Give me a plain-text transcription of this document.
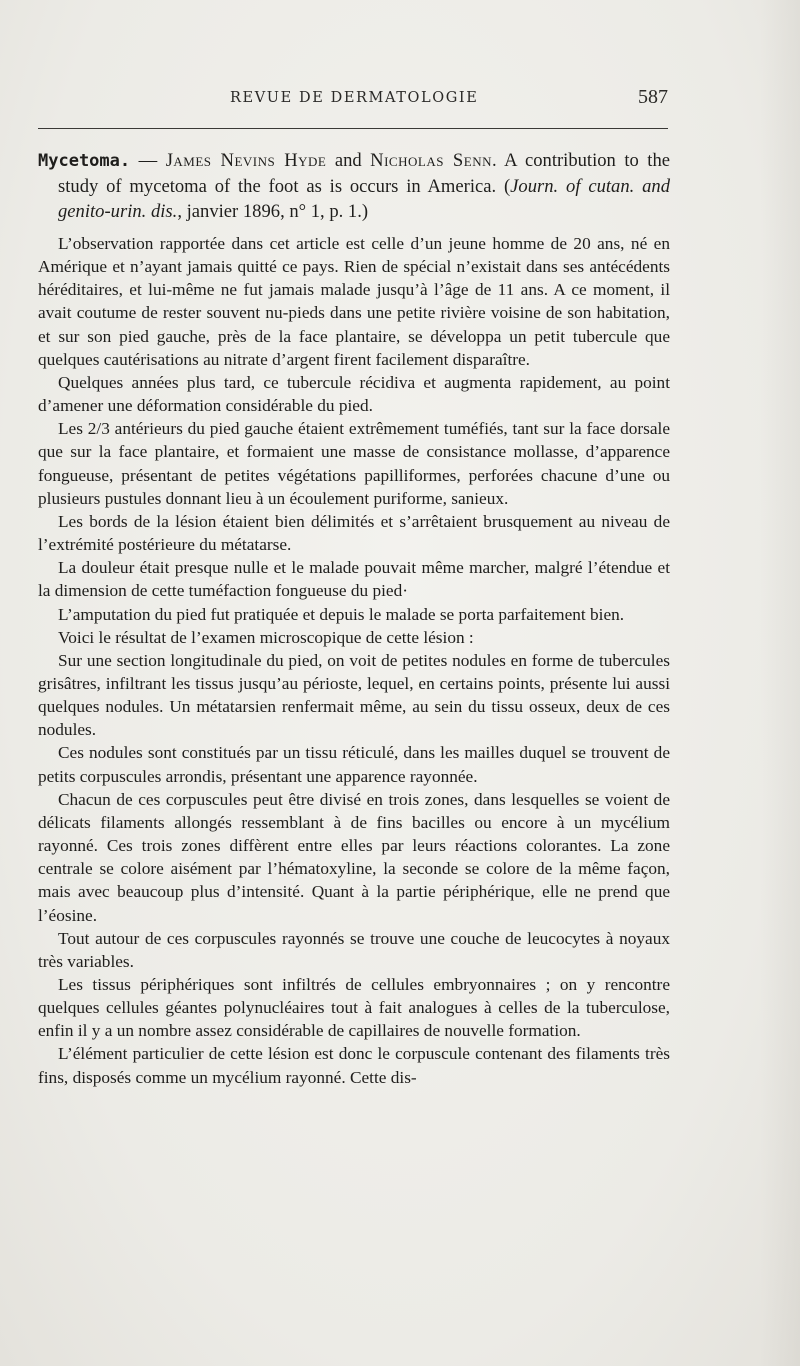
REVUE DE DERMATOLOGIE	587

Mycetoma. — James Nevins Hyde and Nicholas Senn. A contribution to the study of mycetoma of the foot as is occurs in America. (Journ. of cutan. and genito-urin. dis., janvier 1896, n° 1, p. 1.)

L’observation rapportée dans cet article est celle d’un jeune homme de 20 ans, né en Amérique et n’ayant jamais quitté ce pays. Rien de spécial n’existait dans ses antécédents héréditaires, et lui-même ne fut jamais malade jusqu’à l’âge de 11 ans. A ce moment, il avait coutume de rester souvent nu-pieds dans une petite rivière voisine de son habitation, et sur son pied gauche, près de la face plantaire, se développa un petit tubercule que quelques cautérisations au nitrate d’argent firent facilement disparaître.

Quelques années plus tard, ce tubercule récidiva et augmenta rapidement, au point d’amener une déformation considérable du pied.

Les 2/3 antérieurs du pied gauche étaient extrêmement tuméfiés, tant sur la face dorsale que sur la face plantaire, et formaient une masse de consistance mollasse, d’apparence fongueuse, présentant de petites végétations papilliformes, perforées chacune d’une ou plusieurs pustules donnant lieu à un écoulement puriforme, sanieux.

Les bords de la lésion étaient bien délimités et s’arrêtaient brusquement au niveau de l’extrémité postérieure du métatarse.

La douleur était presque nulle et le malade pouvait même marcher, malgré l’étendue et la dimension de cette tuméfaction fongueuse du pied·

L’amputation du pied fut pratiquée et depuis le malade se porta parfaitement bien.

Voici le résultat de l’examen microscopique de cette lésion :

Sur une section longitudinale du pied, on voit de petites nodules en forme de tubercules grisâtres, infiltrant les tissus jusqu’au périoste, lequel, en certains points, présente lui aussi quelques nodules. Un métatarsien renfermait même, au sein du tissu osseux, deux de ces nodules.

Ces nodules sont constitués par un tissu réticulé, dans les mailles duquel se trouvent de petits corpuscules arrondis, présentant une apparence rayonnée.

Chacun de ces corpuscules peut être divisé en trois zones, dans lesquelles se voient de délicats filaments allongés ressemblant à de fins bacilles ou encore à un mycélium rayonné. Ces trois zones diffèrent entre elles par leurs réactions colorantes. La zone centrale se colore aisément par l’hématoxyline, la seconde se colore de la même façon, mais avec beaucoup plus d’intensité. Quant à la partie périphérique, elle ne prend que l’éosine.

Tout autour de ces corpuscules rayonnés se trouve une couche de leucocytes à noyaux très variables.

Les tissus périphériques sont infiltrés de cellules embryonnaires ; on y rencontre quelques cellules géantes polynucléaires tout à fait analogues à celles de la tuberculose, enfin il y a un nombre assez considérable de capillaires de nouvelle formation.

L’élément particulier de cette lésion est donc le corpuscule contenant des filaments très fins, disposés comme un mycélium rayonné. Cette dis-
